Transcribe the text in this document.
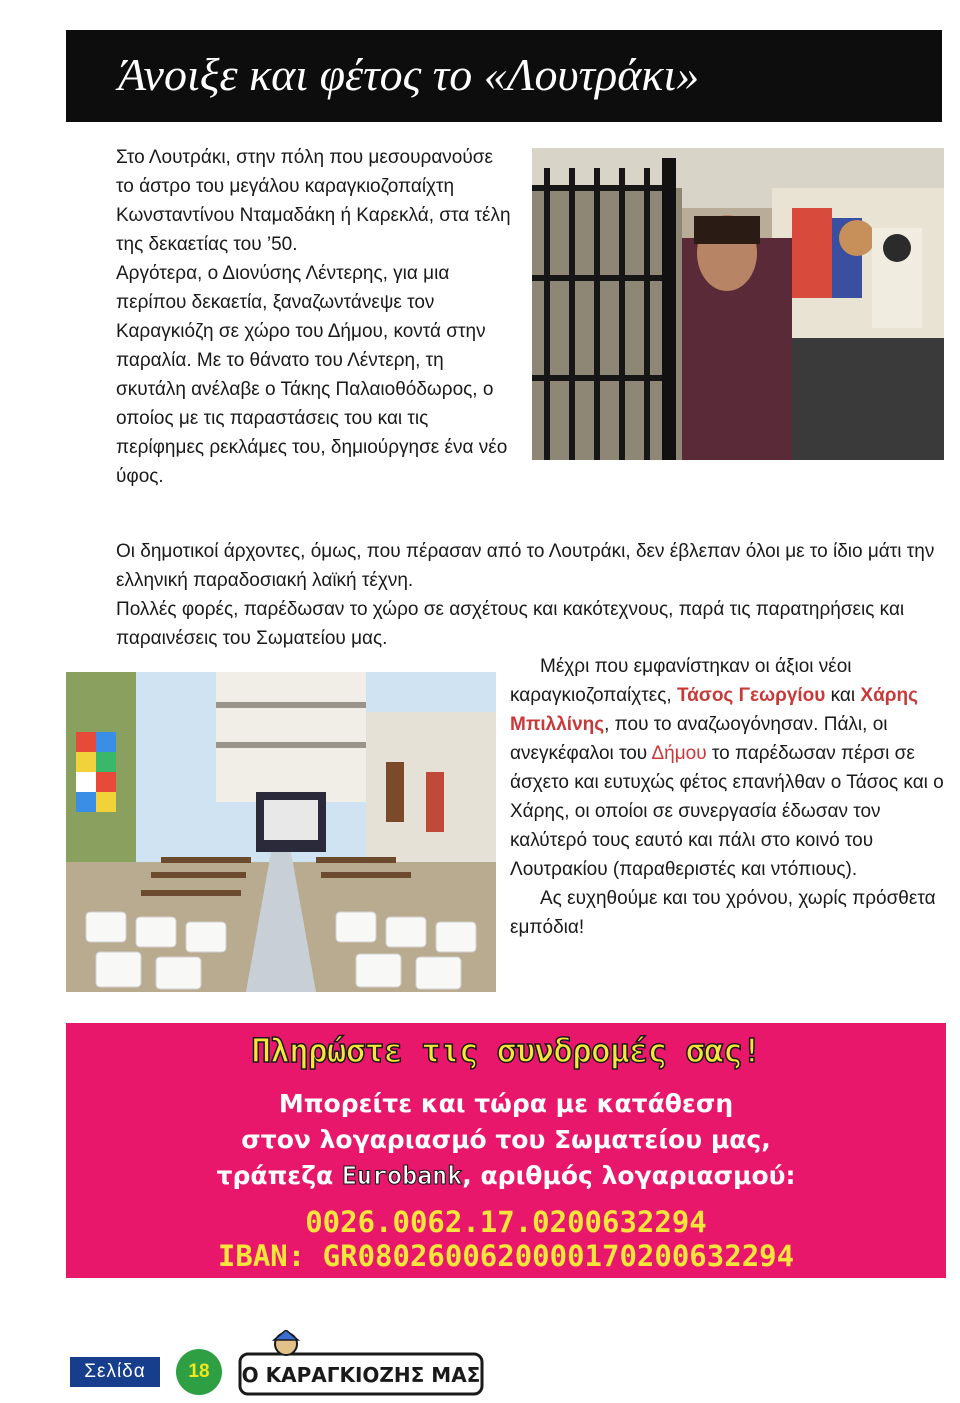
Άνοιξε και φέτος το «Λουτράκι»

Στο Λουτράκι, στην πόλη που μεσουρανούσε το άστρο του μεγάλου καραγκιοζοπαίχτη Κωνσταντίνου Νταμαδάκη ή Καρεκλά, στα τέλη της δεκαετίας του ’50.

Αργότερα, ο Διονύσης Λέντερης, για μια περίπου δεκαετία, ξαναζωντάνεψε τον Καραγκιόζη σε χώρο του Δήμου, κοντά στην παραλία. Με το θάνατο του Λέντερη, τη σκυτάλη ανέλαβε ο Τάκης Παλαιοθόδωρος, ο οποίος με τις παραστάσεις του και τις περίφημες ρεκλάμες του, δημιούργησε ένα νέο ύφος.

Οι δημοτικοί άρχοντες, όμως, που πέρασαν από το Λουτράκι, δεν έβλεπαν όλοι με το ίδιο μάτι την ελληνική παραδοσιακή λαϊκή τέχνη.

Πολλές φορές, παρέδωσαν το χώρο σε ασχέτους και κακότεχνους, παρά τις παρατηρήσεις και παραινέσεις του Σωματείου μας.

Μέχρι που εμφανίστηκαν οι άξιοι νέοι καραγκιοζοπαίχτες, Τάσος Γεωργίου και Χάρης Μπιλλίνης, που το αναζωογόνησαν. Πάλι, οι ανεγκέφαλοι του Δήμου το παρέδωσαν πέρσι σε άσχετο και ευτυχώς φέτος επανήλθαν ο Τάσος και ο Χάρης, οι οποίοι σε συνεργασία έδωσαν τον καλύτερό τους εαυτό και πάλι στο κοινό του Λουτρακίου (παραθεριστές και ντόπιους).
Ας ευχηθούμε και του χρόνου, χωρίς πρόσθετα εμπόδια!

Πληρώστε τις συνδρομές σας!

Μπορείτε και τώρα με κατάθεση

στον λογαριασμό του Σωματείου μας,

τράπεζα Eurobank, αριθμός λογαριασμού:

0026.0062.17.0200632294

IBAN: GR0802600620000170200632294

Σελίδα	18	Ο ΚΑΡΑΓΚΙΟΖΗΣ ΜΑΣ
